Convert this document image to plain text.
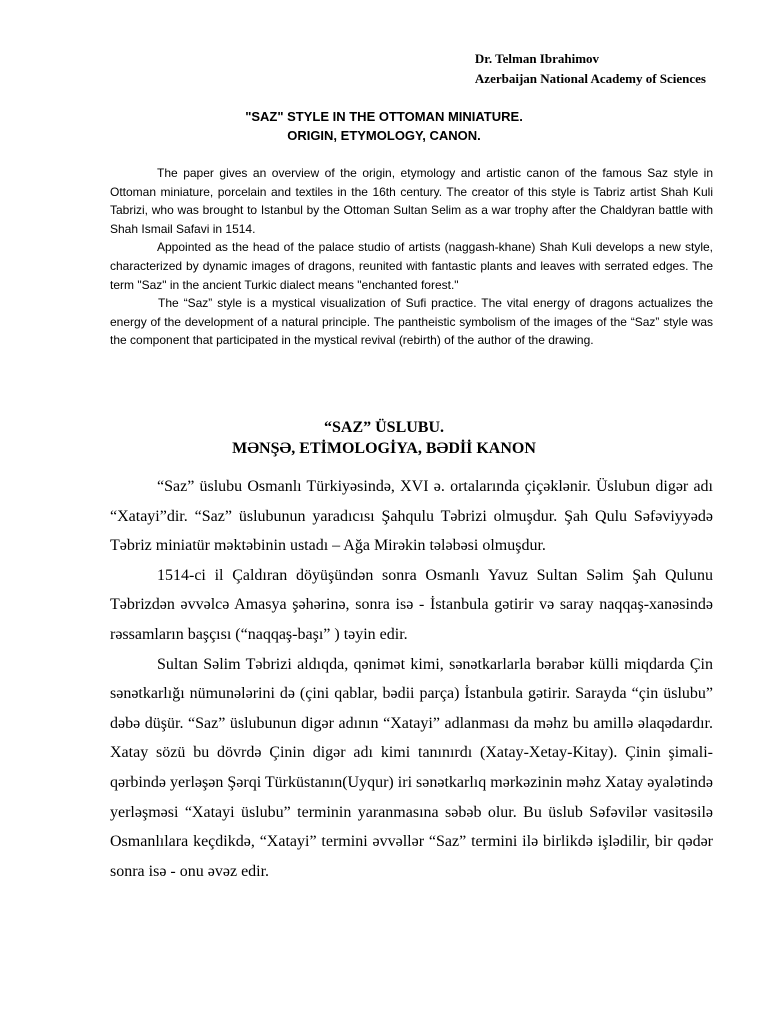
Dr. Telman Ibrahimov
Azerbaijan National Academy of Sciences
"SAZ" STYLE IN THE OTTOMAN MINIATURE.
ORIGIN, ETYMOLOGY, CANON.

The paper gives an overview of the origin, etymology and artistic canon of the famous Saz style in Ottoman miniature, porcelain and textiles in the 16th century. The creator of this style is Tabriz artist Shah Kuli Tabrizi, who was brought to Istanbul by the Ottoman Sultan Selim as a war trophy after the Chaldyran battle with Shah Ismail Safavi in 1514.

Appointed as the head of the palace studio of artists (naggash-khane) Shah Kuli develops a new style, characterized by dynamic images of dragons, reunited with fantastic plants and leaves with serrated edges. The term "Saz" in the ancient Turkic dialect means "enchanted forest."

The “Saz” style is a mystical visualization of Sufi practice. The vital energy of dragons actualizes the energy of the development of a natural principle. The pantheistic symbolism of the images of the “Saz” style was the component that participated in the mystical revival (rebirth) of the author of the drawing.

“SAZ” ÜSLUBU.
MƏNŞƏ, ETİMOLOGİYA, BƏDİİ KANON

“Saz” üslubu Osmanlı Türkiyəsində, XVI ə. ortalarında çiçəklənir. Üslubun digər adı “Xatayi”dir. “Saz” üslubunun yaradıcısı Şahqulu Təbrizi olmuşdur. Şah Qulu Səfəviyyədə Təbriz miniatür məktəbinin ustadı – Ağa Mirəkin tələbəsi olmuşdur.

1514-ci il Çaldıran döyüşündən sonra Osmanlı Yavuz Sultan Səlim Şah Qulunu Təbrizdən əvvəlcə Amasya şəhərinə, sonra isə - İstanbula gətirir və saray naqqaş-xanəsində rəssamların başçısı (“naqqaş-başı” ) təyin edir.

Sultan Səlim Təbrizi aldıqda, qənimət kimi, sənətkarlarla bərabər külli miqdarda Çin sənətkarlığı nümunələrini də (çini qablar, bədii parça) İstanbula gətirir. Sarayda “çin üslubu” dəbə düşür. “Saz” üslubunun digər adının “Xatayi” adlanması da məhz bu amillə əlaqədardır. Xatay sözü bu dövrdə Çinin digər adı kimi tanınırdı (Xatay-Xetay-Kitay). Çinin şimali-qərbində yerləşən Şərqi Türküstanın(Uyqur) iri sənətkarlıq mərkəzinin məhz Xatay əyalətində yerləşməsi “Xatayi üslubu” terminin yaranmasına səbəb olur. Bu üslub Səfəvilər vasitəsilə Osmanlılara keçdikdə, “Xatayi” termini əvvəllər “Saz” termini ilə birlikdə işlədilir, bir qədər sonra isə - onu əvəz edir.
